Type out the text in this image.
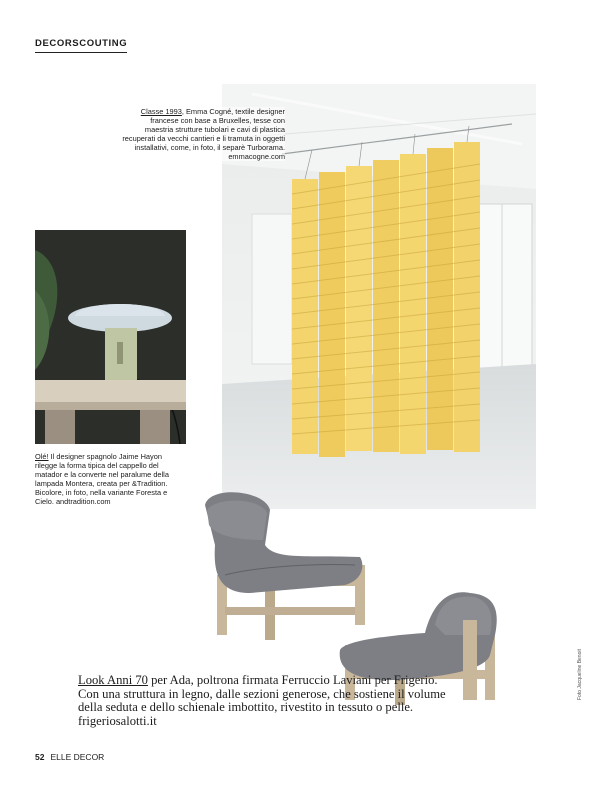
DECORSCOUTING
Classe 1993, Emma Cogné, textile designer francese con base a Bruxelles, tesse con maestria strutture tubolari e cavi di plastica recuperati da vecchi cantieri e li tramuta in oggetti installativi, come, in foto, il separè Turborama. emmacogne.com
Olé! Il designer spagnolo Jaime Hayon rilegge la forma tipica del cappello del matador e la converte nel paralume della lampada Montera, creata per &Tradition. Bicolore, in foto, nella variante Foresta e Cielo. andtradition.com
Look Anni 70 per Ada, poltrona firmata Ferruccio Laviani per Frigerio. Con una struttura in legno, dalle sezioni generose, che sostiene il volume della seduta e dello schienale imbottito, rivestito in tessuto o pelle. frigeriosalotti.it
Foto Jacqueline Benoit
52 ELLE DECOR
